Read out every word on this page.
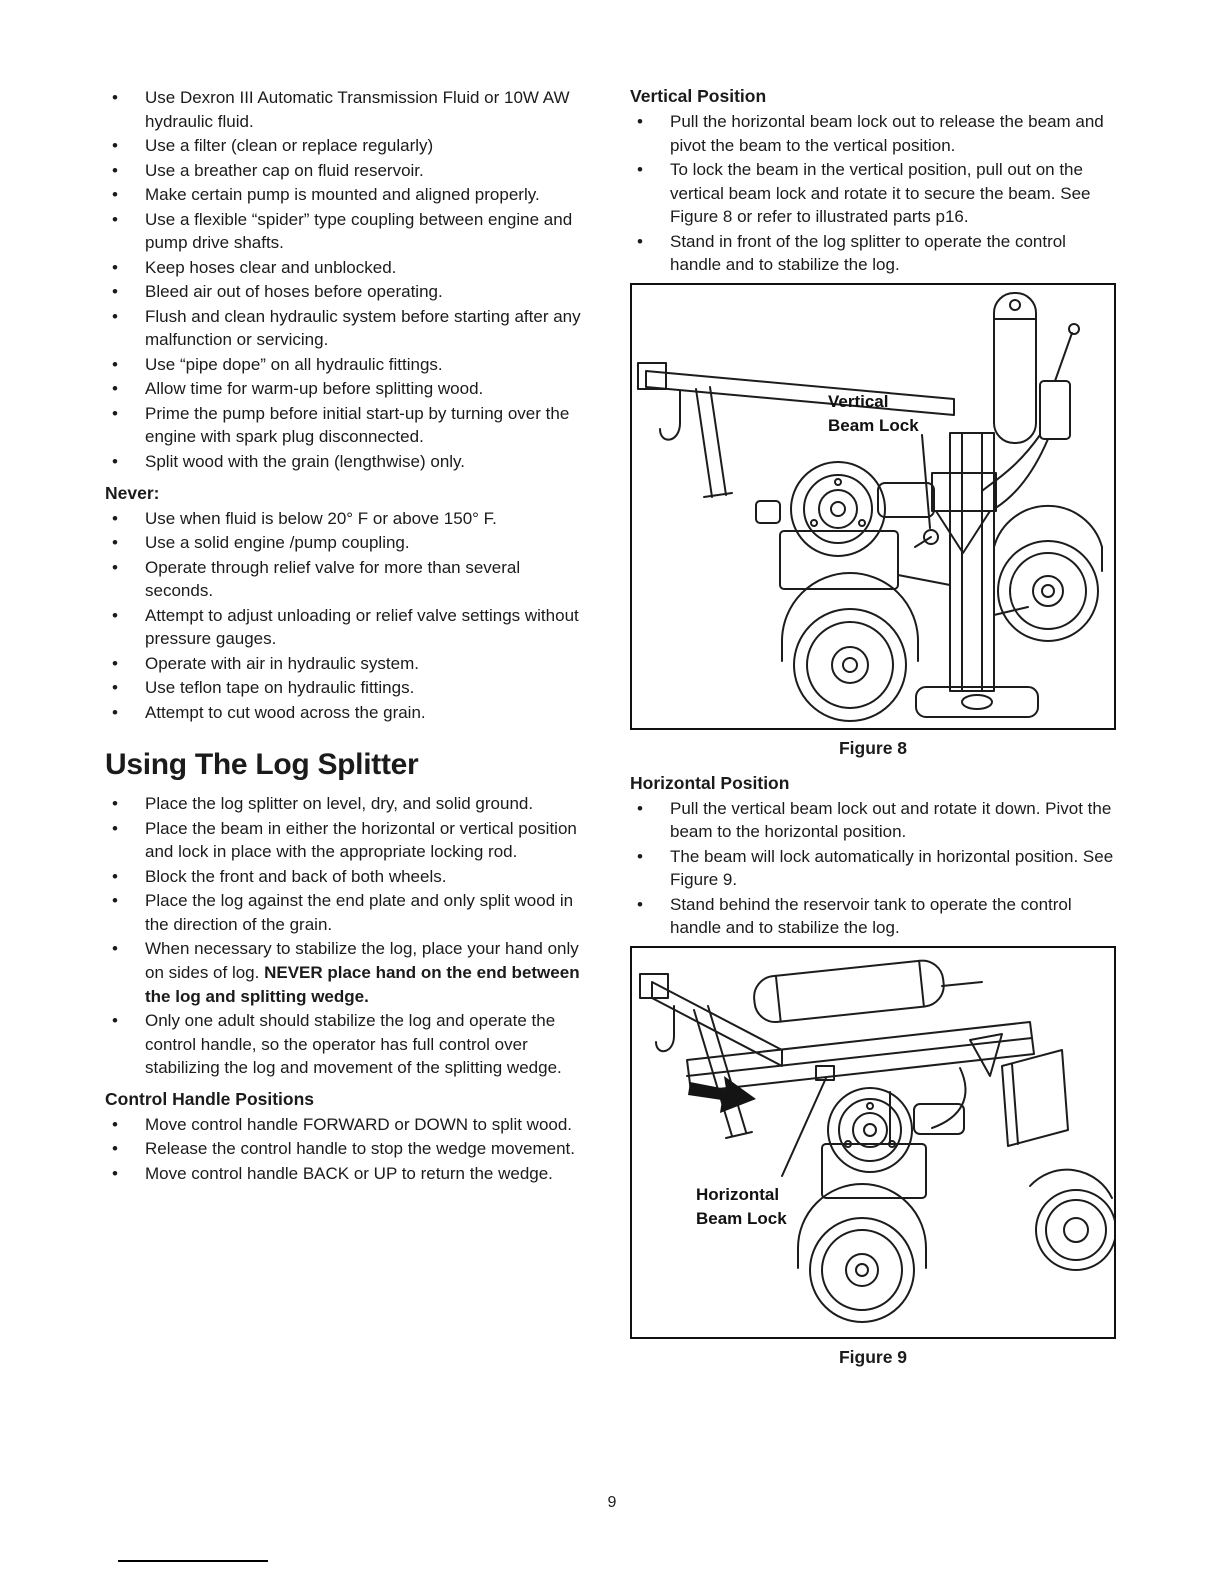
• Use Dexron III Automatic Transmission Fluid or 10W AW hydraulic fluid.
• Use a filter (clean or replace regularly)
• Use a breather cap on fluid reservoir.
• Make certain pump is mounted and aligned properly.
• Use a flexible “spider” type coupling between engine and pump drive shafts.
• Keep hoses clear and unblocked.
• Bleed air out of hoses before operating.
• Flush and clean hydraulic system before starting after any malfunction or servicing.
• Use “pipe dope” on all hydraulic fittings.
• Allow time for warm-up before splitting wood.
• Prime the pump before initial start-up by turning over the engine with spark plug disconnected.
• Split wood with the grain (lengthwise) only.
Never:
• Use when fluid is below 20° F or above 150° F.
• Use a solid engine /pump coupling.
• Operate through relief valve for more than several seconds.
• Attempt to adjust unloading or relief valve settings without pressure gauges.
• Operate with air in hydraulic system.
• Use teflon tape on hydraulic fittings.
• Attempt to cut wood across the grain.
Using The Log Splitter
• Place the log splitter on level, dry, and solid ground.
• Place the beam in either the horizontal or vertical position and lock in place with the appropriate locking rod.
• Block the front and back of both wheels.
• Place the log against the end plate and only split wood in the direction of the grain.
• When necessary to stabilize the log, place your hand only on sides of log. NEVER place hand on the end between the log and splitting wedge.
• Only one adult should stabilize the log and operate the control handle, so the operator has full control over stabilizing the log and movement of the splitting wedge.
Control Handle Positions
• Move control handle FORWARD or DOWN to split wood.
• Release the control handle to stop the wedge movement.
• Move control handle BACK or UP to return the wedge.
Vertical Position
• Pull the horizontal beam lock out to release the beam and pivot the beam to the vertical position.
• To lock the beam in the vertical position, pull out on the vertical beam lock and rotate it to secure the beam. See Figure 8 or refer to illustrated parts p16.
• Stand in front of the log splitter to operate the control handle and to stabilize the log.
Vertical
Beam Lock
Figure 8
Horizontal Position
• Pull the vertical beam lock out and rotate it down. Pivot the beam to the horizontal position.
• The beam will lock automatically in horizontal position. See Figure 9.
• Stand behind the reservoir tank to operate the control handle and to stabilize the log.
Horizontal
Beam Lock
Figure 9
9
